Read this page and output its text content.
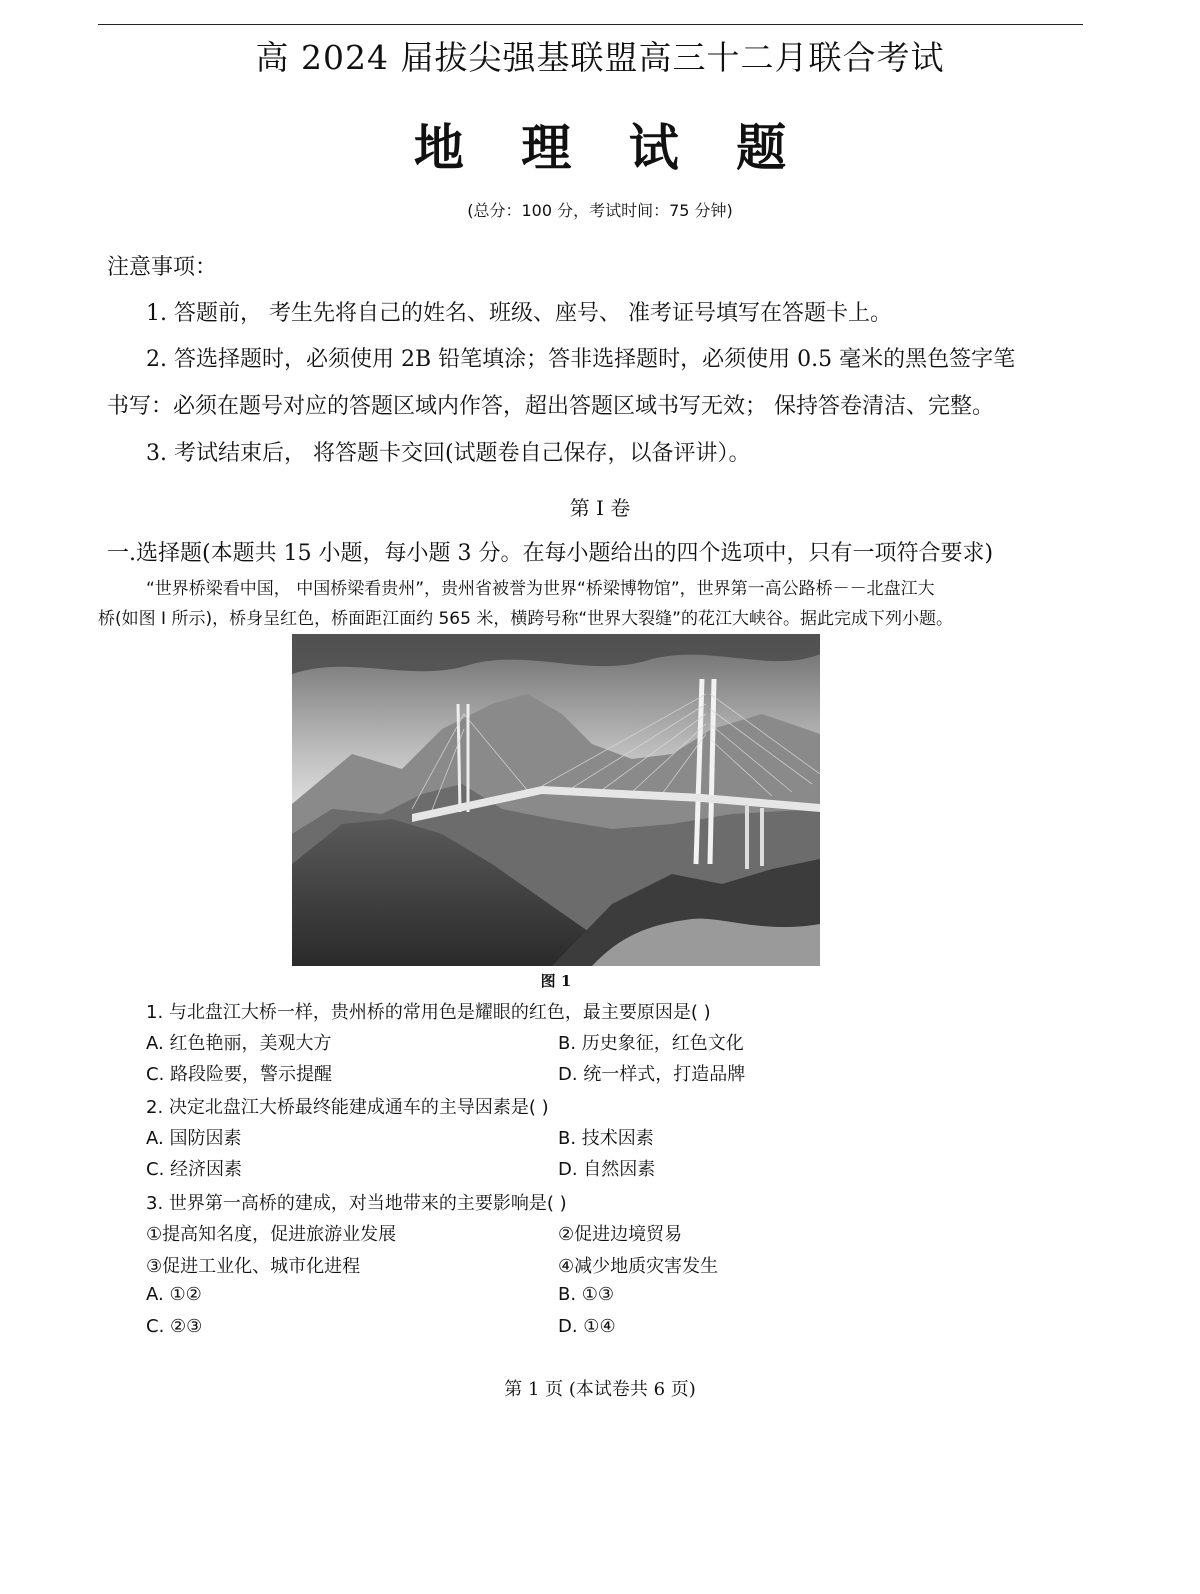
高 2024 届拔尖强基联盟高三十二月联合考试
地 理 试 题
(总分：100 分，考试时间：75 分钟)
注意事项：
1. 答题前， 考生先将自己的姓名、班级、座号、 准考证号填写在答题卡上。
2. 答选择题时，必须使用 2B 铅笔填涂；答非选择题时，必须使用 0.5 毫米的黑色签字笔
书写：必须在题号对应的答题区域内作答，超出答题区域书写无效； 保持答卷清洁、完整。
3. 考试结束后， 将答题卡交回(试题卷自己保存，以备评讲）。
第 I 卷
一.选择题(本题共 15 小题，每小题 3 分。在每小题给出的四个选项中，只有一项符合要求)
“世界桥梁看中国， 中国桥梁看贵州”，贵州省被誉为世界“桥梁博物馆”，世界第一高公路桥－－北盘江大
桥(如图 I 所示)，桥身呈红色，桥面距江面约 565 米，横跨号称“世界大裂缝”的花江大峡谷。据此完成下列小题。
图 1
1. 与北盘江大桥一样，贵州桥的常用色是耀眼的红色，最主要原因是( )
A. 红色艳丽，美观大方	B. 历史象征，红色文化
C. 路段险要，警示提醒	D. 统一样式，打造品牌
2. 决定北盘江大桥最终能建成通车的主导因素是( )
A. 国防因素	B. 技术因素
C. 经济因素	D. 自然因素
3. 世界第一高桥的建成，对当地带来的主要影响是( )
①提高知名度，促进旅游业发展	②促进边境贸易
③促进工业化、城市化进程	④减少地质灾害发生
A. ①②	B. ①③
C. ②③	D. ①④
第 1 页 (本试卷共 6 页)
